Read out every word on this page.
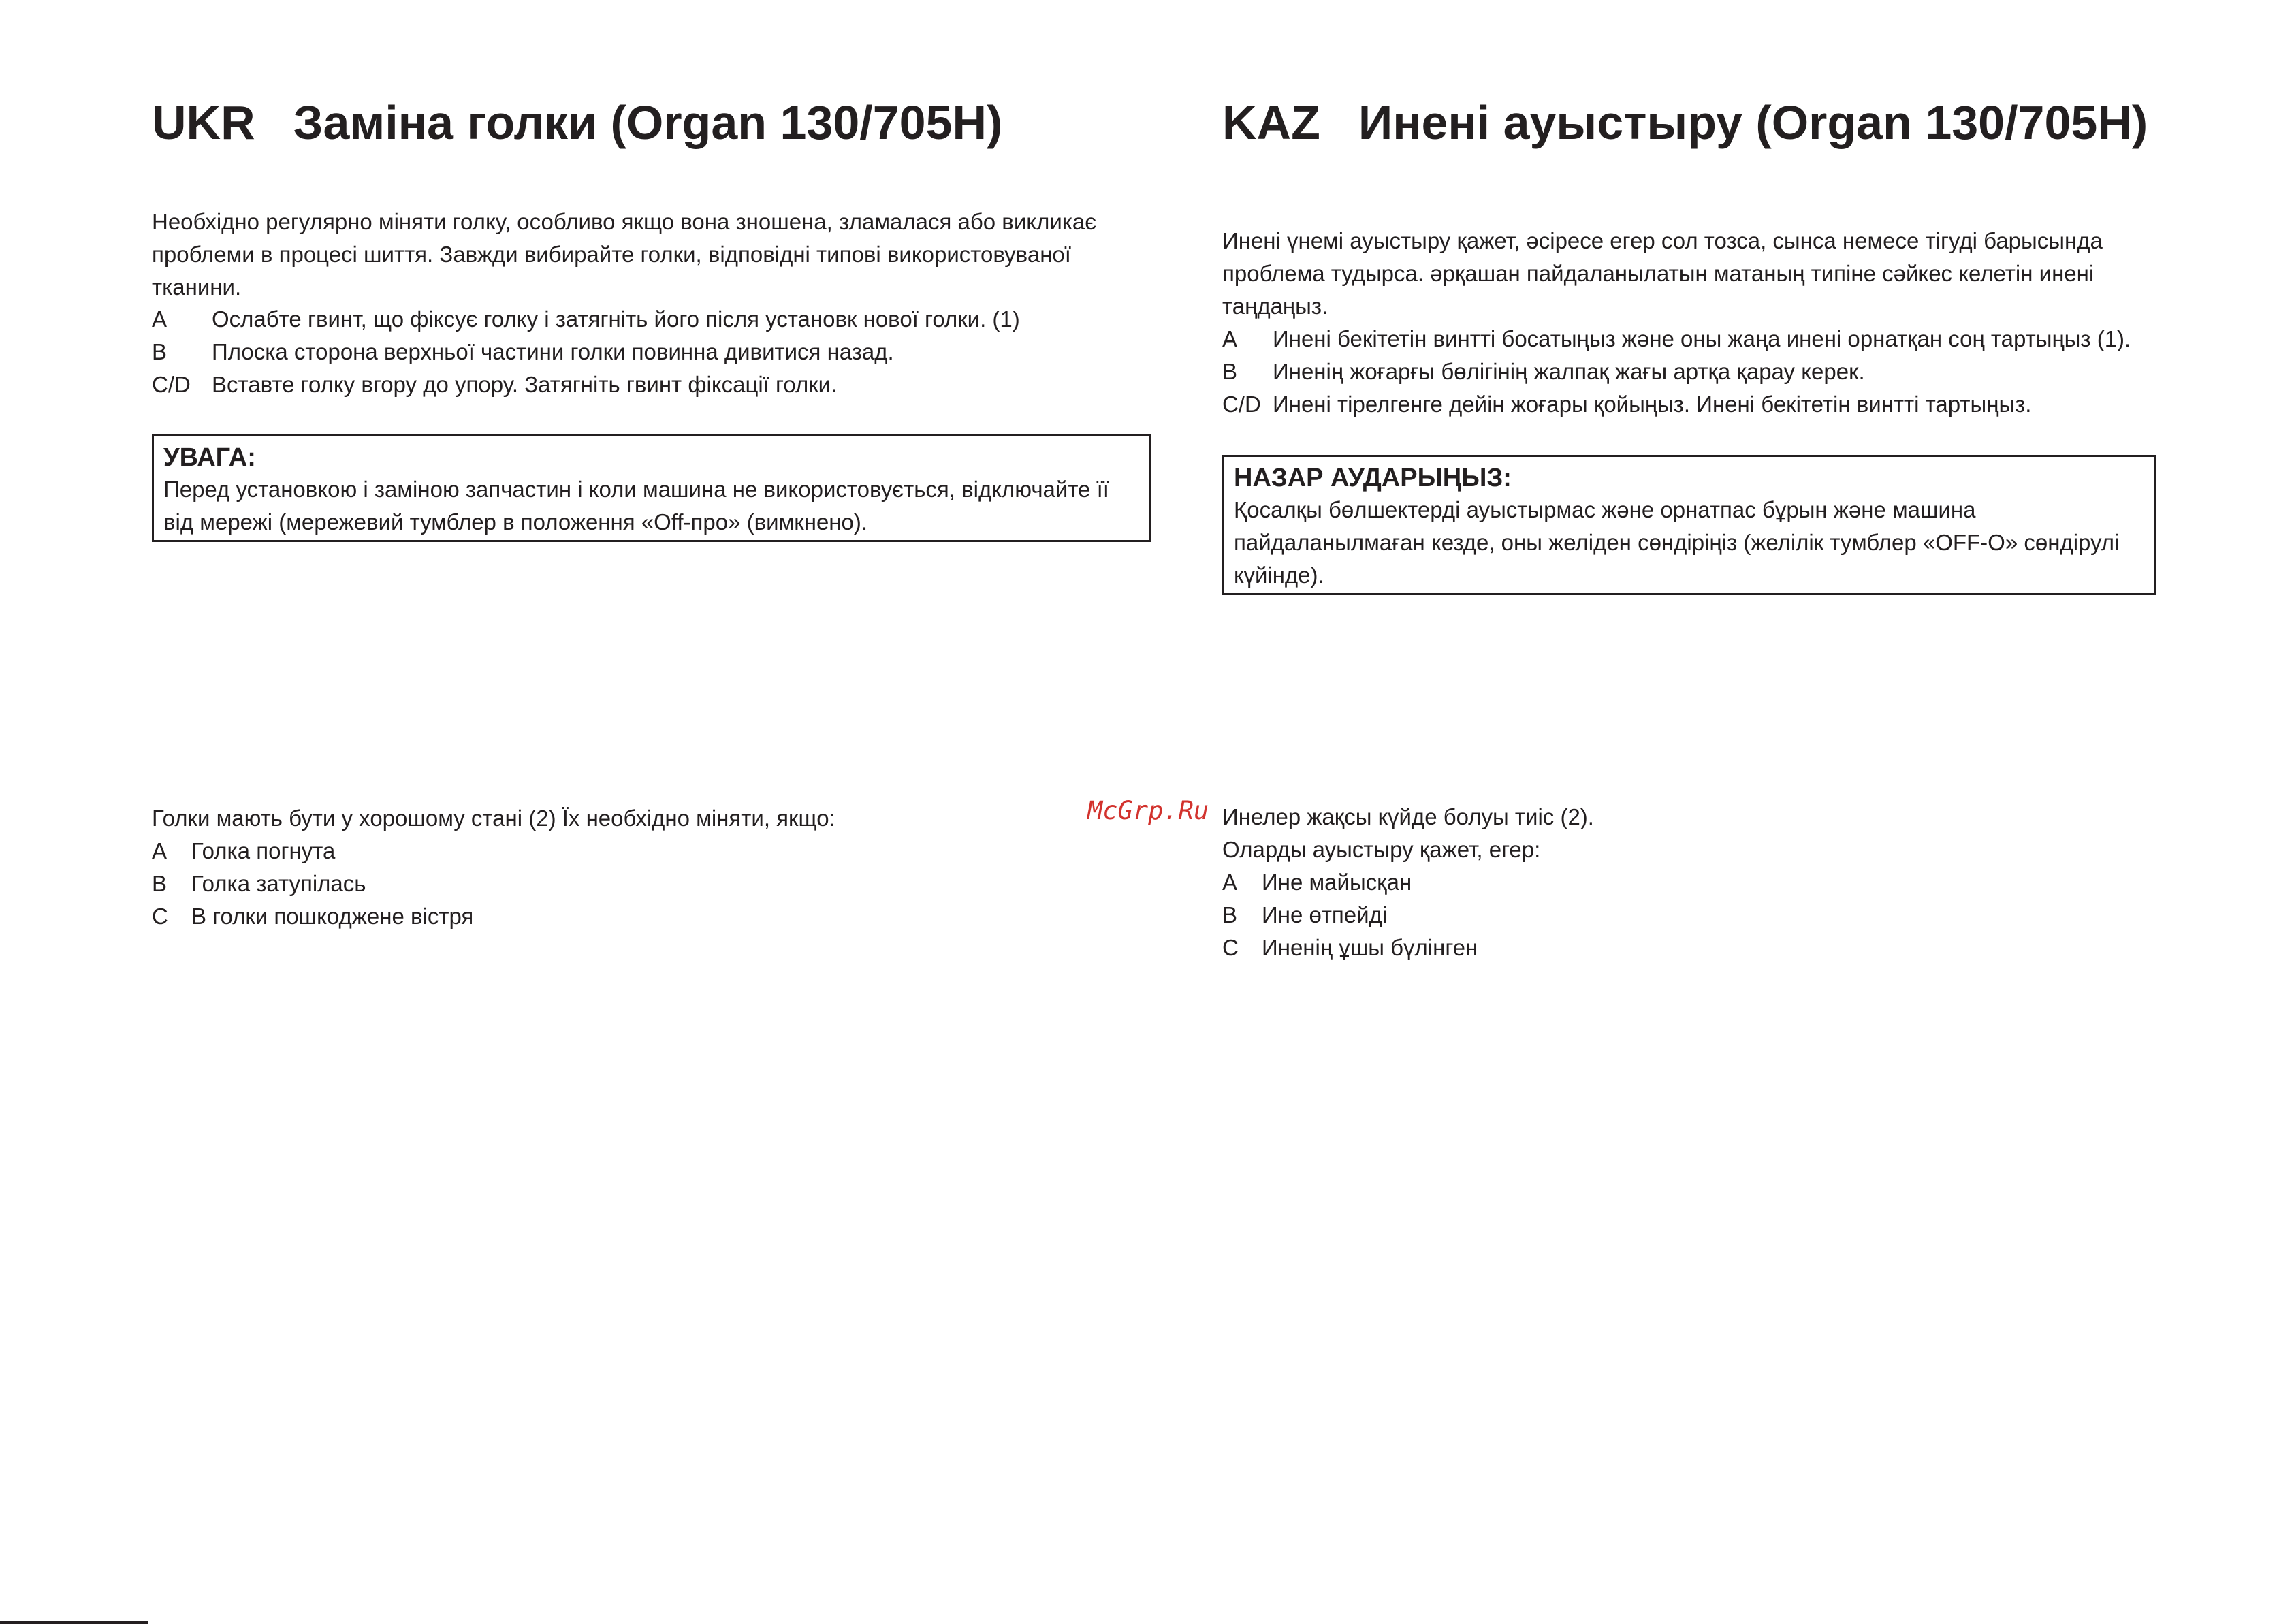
UKR Заміна голки (Organ 130/705H)

Необхідно регулярно міняти голку, особливо якщо вона зношена, зламалася або викликає проблеми в процесі шиття. Завжди вибирайте голки, відповідні типові використовуваної тканини.

A	Ослабте гвинт, що фіксує голку і затягніть його після установк нової голки. (1)
B	Плоска сторона верхньої частини голки повинна дивитися назад.
C/D Вставте голку вгору до упору. Затягніть гвинт фіксації голки.
УВАГА:
Перед установкою і заміною запчастин і коли машина не використовується, відключайте її від мережі (мережевий тумблер в положення «Off-про» (вимкнено).

Голки мають бути у хорошому стані (2) Їх необхідно міняти, якщо:

A	Голка погнута
B	Голка затупілась
C	В голки пошкоджене вістря
KAZ Инені ауыстыру (Organ 130/705H)

Инені үнемі ауыстыру қажет, әсіресе егер сол тозса, сынса немесе тігуді барысында проблема тудырса. әрқашан пайдаланылатын матаның типіне сәйкес келетін инені таңдаңыз.

A	Инені бекітетін винтті босатыңыз және оны жаңа инені орнатқан соң тартыңыз (1).
B	Иненің жоғарғы бөлігінің жалпақ жағы артқа қарау керек.
C/D Инені тірелгенге дейін жоғары қойыңыз. Инені бекітетін винтті тартыңыз.
НАЗАР АУДАРЫҢЫЗ:
Қосалқы бөлшектерді ауыстырмас және орнатпас бұрын және машина пайдаланылмаған кезде, оны желіден сөндіріңіз (желілік тумблер «OFF-O» сөндірулі күйінде).

Инелер жақсы күйде болуы тиіс (2).

Оларды ауыстыру қажет, егер:

A	Ине майысқан
B	Ине өтпейді
C	Иненің ұшы бүлінген
McGrp.Ru
